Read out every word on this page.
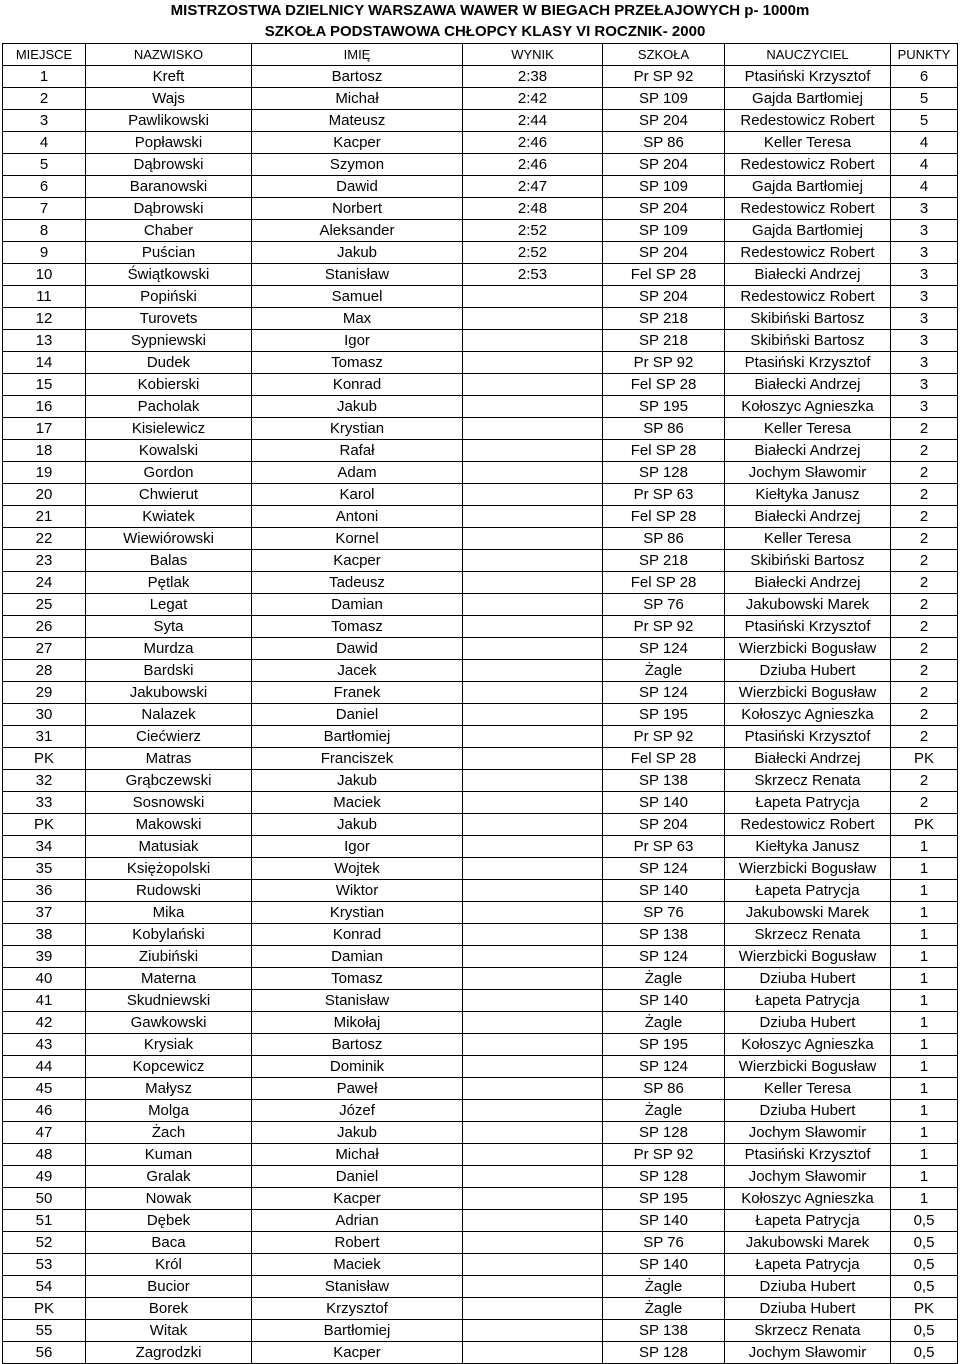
MISTRZOSTWA DZIELNICY WARSZAWA WAWER W BIEGACH PRZEŁAJOWYCH p- 1000m
SZKOŁA PODSTAWOWA CHŁOPCY KLASY VI ROCZNIK- 2000
MIEJSCE	NAZWISKO	IMIĘ	WYNIK	SZKOŁA	NAUCZYCIEL	PUNKTY
1	Kreft	Bartosz	2:38	Pr SP 92	Ptasiński Krzysztof	6
2	Wajs	Michał	2:42	SP 109	Gajda Bartłomiej	5
3	Pawlikowski	Mateusz	2:44	SP 204	Redestowicz Robert	5
4	Popławski	Kacper	2:46	SP 86	Keller Teresa	4
5	Dąbrowski	Szymon	2:46	SP 204	Redestowicz Robert	4
6	Baranowski	Dawid	2:47	SP 109	Gajda Bartłomiej	4
7	Dąbrowski	Norbert	2:48	SP 204	Redestowicz Robert	3
8	Chaber	Aleksander	2:52	SP 109	Gajda Bartłomiej	3
9	Puścian	Jakub	2:52	SP 204	Redestowicz Robert	3
10	Świątkowski	Stanisław	2:53	Fel SP 28	Białecki Andrzej	3
11	Popiński	Samuel		SP 204	Redestowicz Robert	3
12	Turovets	Max		SP 218	Skibiński Bartosz	3
13	Sypniewski	Igor		SP 218	Skibiński Bartosz	3
14	Dudek	Tomasz		Pr SP 92	Ptasiński Krzysztof	3
15	Kobierski	Konrad		Fel SP 28	Białecki Andrzej	3
16	Pacholak	Jakub		SP 195	Kołoszyc Agnieszka	3
17	Kisielewicz	Krystian		SP 86	Keller Teresa	2
18	Kowalski	Rafał		Fel SP 28	Białecki Andrzej	2
19	Gordon	Adam		SP 128	Jochym Sławomir	2
20	Chwierut	Karol		Pr SP 63	Kiełtyka Janusz	2
21	Kwiatek	Antoni		Fel SP 28	Białecki Andrzej	2
22	Wiewiórowski	Kornel		SP 86	Keller Teresa	2
23	Balas	Kacper		SP 218	Skibiński Bartosz	2
24	Pętlak	Tadeusz		Fel SP 28	Białecki Andrzej	2
25	Legat	Damian		SP 76	Jakubowski Marek	2
26	Syta	Tomasz		Pr SP 92	Ptasiński Krzysztof	2
27	Murdza	Dawid		SP 124	Wierzbicki Bogusław	2
28	Bardski	Jacek		Żagle	Dziuba Hubert	2
29	Jakubowski	Franek		SP 124	Wierzbicki Bogusław	2
30	Nalazek	Daniel		SP 195	Kołoszyc Agnieszka	2
31	Ciećwierz	Bartłomiej		Pr SP 92	Ptasiński Krzysztof	2
PK	Matras	Franciszek		Fel SP 28	Białecki Andrzej	PK
32	Grąbczewski	Jakub		SP 138	Skrzecz Renata	2
33	Sosnowski	Maciek		SP 140	Łapeta Patrycja	2
PK	Makowski	Jakub		SP 204	Redestowicz Robert	PK
34	Matusiak	Igor		Pr SP 63	Kiełtyka Janusz	1
35	Księżopolski	Wojtek		SP 124	Wierzbicki Bogusław	1
36	Rudowski	Wiktor		SP 140	Łapeta Patrycja	1
37	Mika	Krystian		SP 76	Jakubowski Marek	1
38	Kobylański	Konrad		SP 138	Skrzecz Renata	1
39	Ziubiński	Damian		SP 124	Wierzbicki Bogusław	1
40	Materna	Tomasz		Żagle	Dziuba Hubert	1
41	Skudniewski	Stanisław		SP 140	Łapeta Patrycja	1
42	Gawkowski	Mikołaj		Żagle	Dziuba Hubert	1
43	Krysiak	Bartosz		SP 195	Kołoszyc Agnieszka	1
44	Kopcewicz	Dominik		SP 124	Wierzbicki Bogusław	1
45	Małysz	Paweł		SP 86	Keller Teresa	1
46	Molga	Józef		Żagle	Dziuba Hubert	1
47	Żach	Jakub		SP 128	Jochym Sławomir	1
48	Kuman	Michał		Pr SP 92	Ptasiński Krzysztof	1
49	Gralak	Daniel		SP 128	Jochym Sławomir	1
50	Nowak	Kacper		SP 195	Kołoszyc Agnieszka	1
51	Dębek	Adrian		SP 140	Łapeta Patrycja	0,5
52	Baca	Robert		SP 76	Jakubowski Marek	0,5
53	Król	Maciek		SP 140	Łapeta Patrycja	0,5
54	Bucior	Stanisław		Żagle	Dziuba Hubert	0,5
PK	Borek	Krzysztof		Żagle	Dziuba Hubert	PK
55	Witak	Bartłomiej		SP 138	Skrzecz Renata	0,5
56	Zagrodzki	Kacper		SP 128	Jochym Sławomir	0,5
